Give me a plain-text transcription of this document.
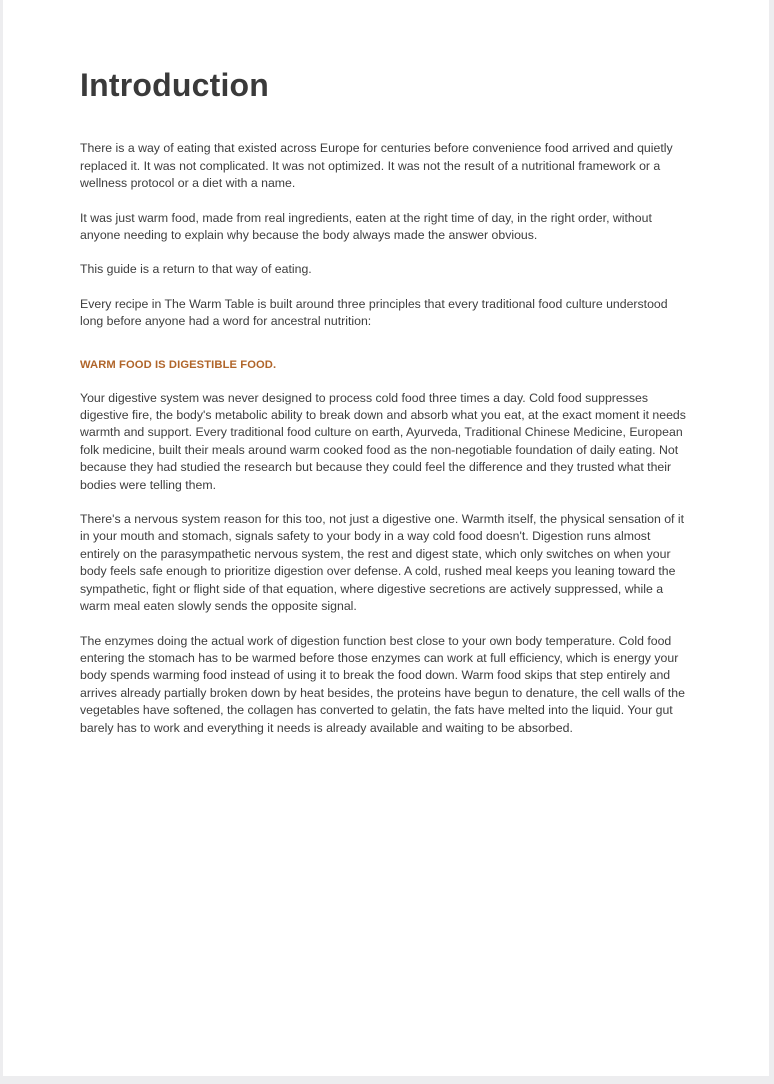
Introduction

There is a way of eating that existed across Europe for centuries before convenience food arrived and quietly replaced it. It was not complicated. It was not optimized. It was not the result of a nutritional framework or a wellness protocol or a diet with a name.

It was just warm food, made from real ingredients, eaten at the right time of day, in the right order, without anyone needing to explain why because the body always made the answer obvious.

This guide is a return to that way of eating.

Every recipe in The Warm Table is built around three principles that every traditional food culture understood long before anyone had a word for ancestral nutrition:

WARM FOOD IS DIGESTIBLE FOOD.

Your digestive system was never designed to process cold food three times a day. Cold food suppresses digestive fire, the body's metabolic ability to break down and absorb what you eat, at the exact moment it needs warmth and support. Every traditional food culture on earth, Ayurveda, Traditional Chinese Medicine, European folk medicine, built their meals around warm cooked food as the non-negotiable foundation of daily eating. Not because they had studied the research but because they could feel the difference and they trusted what their bodies were telling them.

There's a nervous system reason for this too, not just a digestive one. Warmth itself, the physical sensation of it in your mouth and stomach, signals safety to your body in a way cold food doesn't. Digestion runs almost entirely on the parasympathetic nervous system, the rest and digest state, which only switches on when your body feels safe enough to prioritize digestion over defense. A cold, rushed meal keeps you leaning toward the sympathetic, fight or flight side of that equation, where digestive secretions are actively suppressed, while a warm meal eaten slowly sends the opposite signal.

The enzymes doing the actual work of digestion function best close to your own body temperature. Cold food entering the stomach has to be warmed before those enzymes can work at full efficiency, which is energy your body spends warming food instead of using it to break the food down. Warm food skips that step entirely and arrives already partially broken down by heat besides, the proteins have begun to denature, the cell walls of the vegetables have softened, the collagen has converted to gelatin, the fats have melted into the liquid. Your gut barely has to work and everything it needs is already available and waiting to be absorbed.
